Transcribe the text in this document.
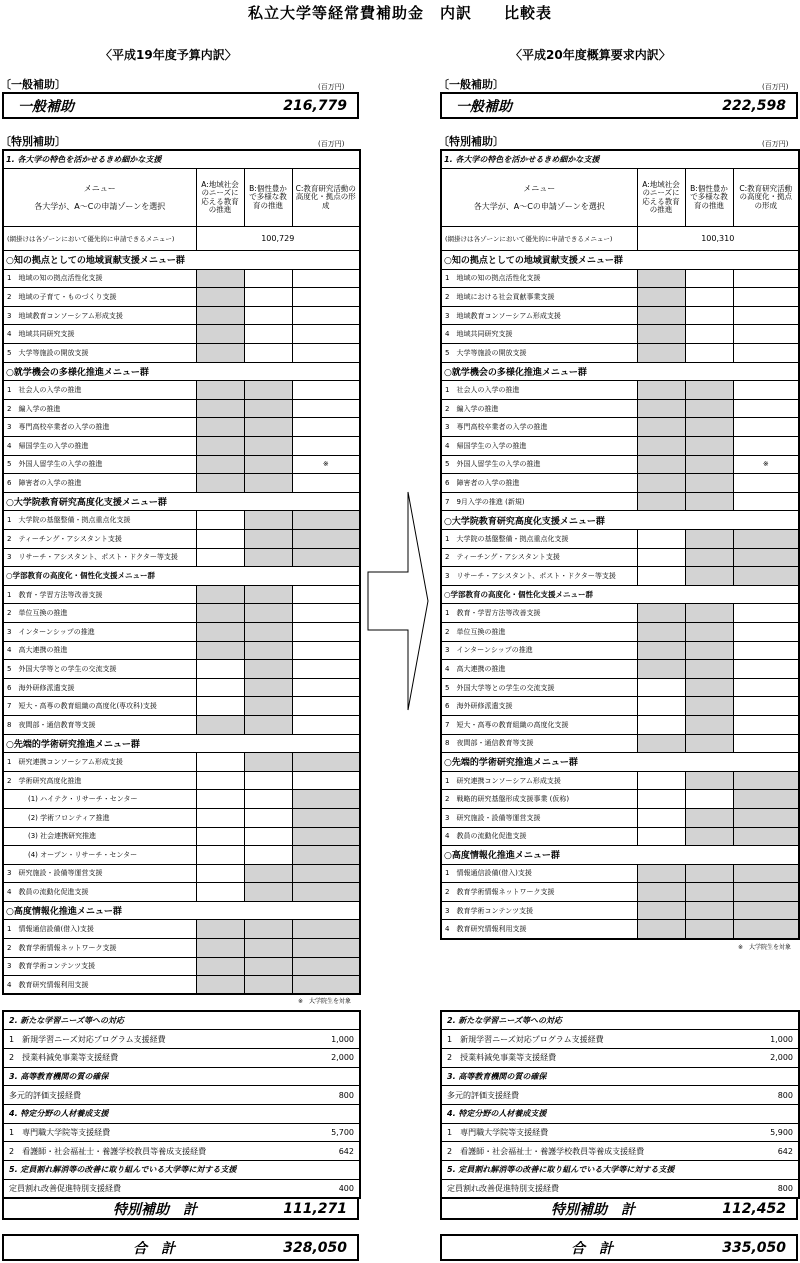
私立大学等経常費補助金　内訳　　比較表
〈平成19年度予算内訳〉
〔一般補助〕	(百万円)
一般補助	216,779
〔特別補助〕	(百万円)
1. 各大学の特色を活かせるきめ細かな支援			

メニュー
各大学が、A〜Cの申請ゾーンを選択	A:地域社会のニーズに応える教育の推進	B:個性豊かで多様な教育の推進	C:教育研究活動の高度化・拠点の形成
(網掛けは各ゾーンにおいて優先的に申請できるメニュー)	100,729		
○知の拠点としての地域貢献支援メニュー群			
1　地域の知の拠点活性化支援			
2　地域の子育て・ものづくり支援			
3　地域教育コンソーシアム形成支援			
4　地域共同研究支援			
5　大学等施設の開放支援			
○就学機会の多様化推進メニュー群			
1　社会人の入学の推進			
2　編入学の推進			
3　専門高校卒業者の入学の推進			
4　帰国学生の入学の推進			
5　外国人留学生の入学の推進			※
6　障害者の入学の推進			
○大学院教育研究高度化支援メニュー群			
1　大学院の基盤整備・拠点重点化支援			
2　ティーチング・アシスタント支援			
3　リサーチ・アシスタント、ポスト・ドクター等支援			
○学部教育の高度化・個性化支援メニュー群			
1　教育・学習方法等改善支援			
2　単位互換の推進			
3　インターンシップの推進			
4　高大連携の推進			
5　外国大学等との学生の交流支援			
6　海外研修派遣支援			
7　短大・高専の教育組織の高度化(専攻科)支援			
8　夜間部・通信教育等支援			
○先端的学術研究推進メニュー群			
1　研究連携コンソーシアム形成支援			
2　学術研究高度化推進			
(1) ハイテク・リサーチ・センター			
(2) 学術フロンティア推進			
(3) 社会連携研究推進			
(4) オープン・リサーチ・センター			
3　研究施設・設備等運営支援			
4　教員の流動化促進支援			
○高度情報化推進メニュー群			
1　情報通信設備(借入)支援			
2　教育学術情報ネットワーク支援			
3　教育学術コンテンツ支援			
4　教育研究情報利用支援			
※　大学院生を対象
2. 新たな学習ニーズ等への対応	
1　新規学習ニーズ対応プログラム支援経費	1,000
2　授業料減免事業等支援経費	2,000
3. 高等教育機関の質の確保	
多元的評価支援経費	800
4. 特定分野の人材養成支援	
1　専門職大学院等支援経費	5,700
2　看護師・社会福祉士・養護学校教員等養成支援経費	642
5. 定員割れ解消等の改善に取り組んでいる大学等に対する支援	
定員割れ改善促進特別支援経費	400
特別補助　計	111,271
合　計	328,050
〈平成20年度概算要求内訳〉
〔一般補助〕	(百万円)
一般補助	222,598
〔特別補助〕	(百万円)
1. 各大学の特色を活かせるきめ細かな支援			

メニュー
各大学が、A〜Cの申請ゾーンを選択	A:地域社会のニーズに応える教育の推進	B:個性豊かで多様な教育の推進	C:教育研究活動の高度化・拠点の形成
(網掛けは各ゾーンにおいて優先的に申請できるメニュー)	100,310		
○知の拠点としての地域貢献支援メニュー群			
1　地域の知の拠点活性化支援			
2　地域における社会貢献事業支援			
3　地域教育コンソーシアム形成支援			
4　地域共同研究支援			
5　大学等施設の開放支援			
○就学機会の多様化推進メニュー群			
1　社会人の入学の推進			
2　編入学の推進			
3　専門高校卒業者の入学の推進			
4　帰国学生の入学の推進			
5　外国人留学生の入学の推進			※
6　障害者の入学の推進			
7　9月入学の推進 (新規)			
○大学院教育研究高度化支援メニュー群			
1　大学院の基盤整備・拠点重点化支援			
2　ティーチング・アシスタント支援			
3　リサーチ・アシスタント、ポスト・ドクター等支援			
○学部教育の高度化・個性化支援メニュー群			
1　教育・学習方法等改善支援			
2　単位互換の推進			
3　インターンシップの推進			
4　高大連携の推進			
5　外国大学等との学生の交流支援			
6　海外研修派遣支援			
7　短大・高専の教育組織の高度化支援			
8　夜間部・通信教育等支援			
○先端的学術研究推進メニュー群			
1　研究連携コンソーシアム形成支援			
2　戦略的研究基盤形成支援事業 (仮称)			
3　研究施設・設備等運営支援			
4　教員の流動化促進支援			
○高度情報化推進メニュー群			
1　情報通信設備(借入)支援			
2　教育学術情報ネットワーク支援			
3　教育学術コンテンツ支援			
4　教育研究情報利用支援			
※　大学院生を対象
2. 新たな学習ニーズ等への対応	
1　新規学習ニーズ対応プログラム支援経費	1,000
2　授業料減免事業等支援経費	2,000
3. 高等教育機関の質の確保	
多元的評価支援経費	800
4. 特定分野の人材養成支援	
1　専門職大学院等支援経費	5,900
2　看護師・社会福祉士・養護学校教員等養成支援経費	642
5. 定員割れ解消等の改善に取り組んでいる大学等に対する支援	
定員割れ改善促進特別支援経費	800
特別補助　計	112,452
合　計	335,050
